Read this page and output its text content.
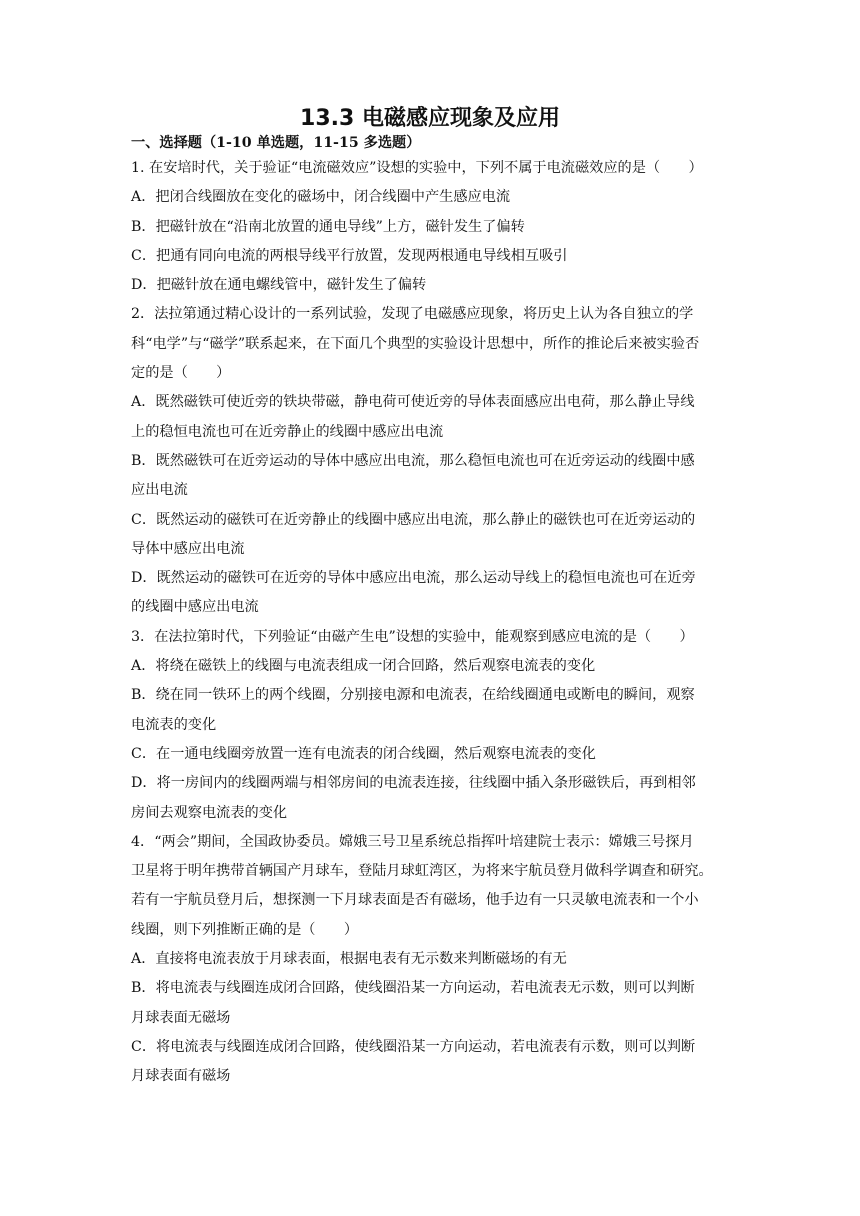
13.3 电磁感应现象及应用
一、选择题（1-10 单选题，11-15 多选题）
1. 在安培时代，关于验证“电流磁效应”设想的实验中，下列不属于电流磁效应的是（　　）
A．把闭合线圈放在变化的磁场中，闭合线圈中产生感应电流
B．把磁针放在“沿南北放置的通电导线”上方，磁针发生了偏转
C．把通有同向电流的两根导线平行放置，发现两根通电导线相互吸引
D．把磁针放在通电螺线管中，磁针发生了偏转
2．法拉第通过精心设计的一系列试验，发现了电磁感应现象，将历史上认为各自独立的学
科“电学”与“磁学”联系起来，在下面几个典型的实验设计思想中，所作的推论后来被实验否
定的是（　　）
A．既然磁铁可使近旁的铁块带磁，静电荷可使近旁的导体表面感应出电荷，那么静止导线
上的稳恒电流也可在近旁静止的线圈中感应出电流
B．既然磁铁可在近旁运动的导体中感应出电流，那么稳恒电流也可在近旁运动的线圈中感
应出电流
C．既然运动的磁铁可在近旁静止的线圈中感应出电流，那么静止的磁铁也可在近旁运动的
导体中感应出电流
D．既然运动的磁铁可在近旁的导体中感应出电流，那么运动导线上的稳恒电流也可在近旁
的线圈中感应出电流
3．在法拉第时代，下列验证“由磁产生电”设想的实验中，能观察到感应电流的是（　　）
A．将绕在磁铁上的线圈与电流表组成一闭合回路，然后观察电流表的变化
B．绕在同一铁环上的两个线圈，分别接电源和电流表，在给线圈通电或断电的瞬间，观察
电流表的变化
C．在一通电线圈旁放置一连有电流表的闭合线圈，然后观察电流表的变化
D．将一房间内的线圈两端与相邻房间的电流表连接，往线圈中插入条形磁铁后，再到相邻
房间去观察电流表的变化
4．“两会”期间，全国政协委员。嫦娥三号卫星系统总指挥叶培建院士表示：嫦娥三号探月
卫星将于明年携带首辆国产月球车，登陆月球虹湾区，为将来宇航员登月做科学调查和研究。
若有一宇航员登月后，想探测一下月球表面是否有磁场，他手边有一只灵敏电流表和一个小
线圈，则下列推断正确的是（　　）
A．直接将电流表放于月球表面，根据电表有无示数来判断磁场的有无
B．将电流表与线圈连成闭合回路，使线圈沿某一方向运动，若电流表无示数，则可以判断
月球表面无磁场
C．将电流表与线圈连成闭合回路，使线圈沿某一方向运动，若电流表有示数，则可以判断
月球表面有磁场
